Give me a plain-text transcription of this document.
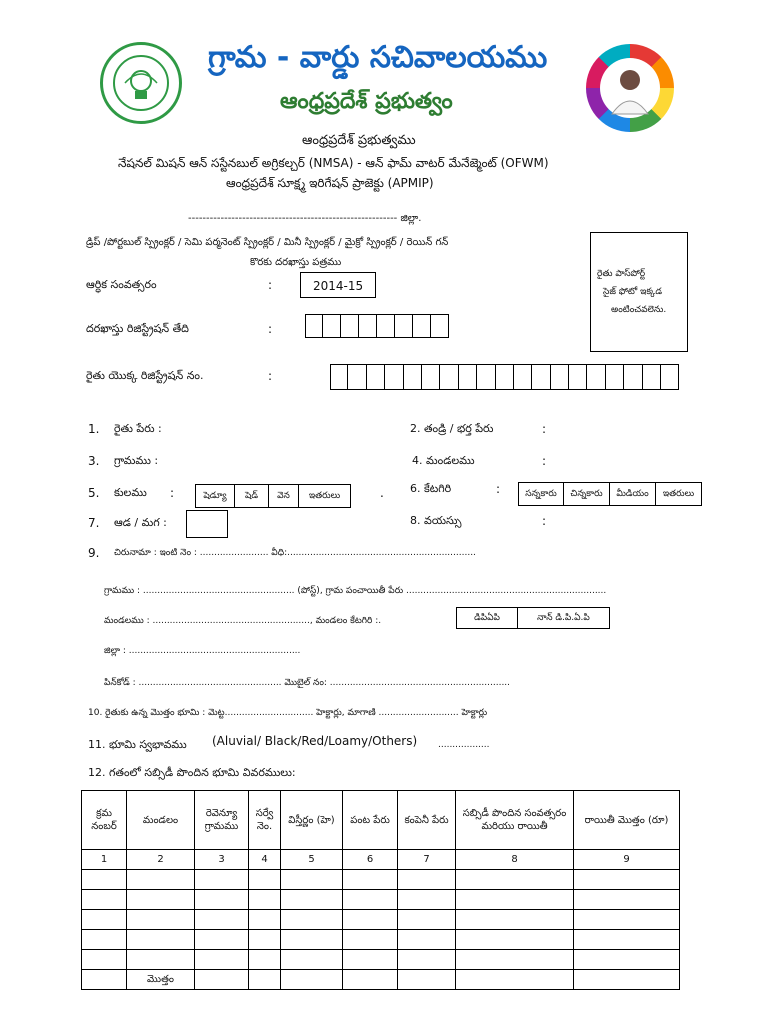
గ్రామ - వార్డు సచివాలయము
ఆంధ్రప్రదేశ్ ప్రభుత్వం
ఆంధ్రప్రదేశ్ ప్రభుత్వము
నేషనల్ మిషన్ ఆన్ సస్టేనబుల్ అగ్రికల్చర్ (NMSA) - ఆన్ ఫామ్ వాటర్ మేనేజ్మెంట్ (OFWM)
ఆంధ్రప్రదేశ్ సూక్ష్మ ఇరిగేషన్ ప్రాజెక్టు (APMIP)
---------------------------------------------------------- జిల్లా.
డ్రిప్ /పోర్టబుల్ స్ప్రింక్లర్ / సెమి పర్మనెంట్ స్ప్రింక్లర్ / మినీ స్ప్రింక్లర్ / మైక్రో స్ప్రింక్లర్ / రెయిన్ గన్
కొరకు దరఖాస్తు పత్రము
రైతు పాస్‌పోర్ట్
సైజ్ ఫోటో ఇక్కడ
అంటించవలెను.
ఆర్ధిక సంవత్సరం	:	2014-15
దరఖాస్తు రిజిస్ట్రేషన్ తేది	:
రైతు యొక్క రిజిస్ట్రేషన్ నం.	:
1. రైతు పేరు :	2. తండ్రి / భర్త పేరు	:
3. గ్రామము :	4. మండలము	:
5. కులము :	షెడ్యూ	షెడ్	వెన	ఇతరులు	. 6. కేటగిరి	:	సన్నకారు	చిన్నకారు	మీడియం	ఇతరులు
7. ఆడ / మగ :	8. వయస్సు	:
9. చిరునామా : ఇంటి నెం : ........................ వీధి:..................................................................
గ్రామము : ..................................................... (పోస్ట్), గ్రామ పంచాయితీ పేరు ......................................................................
మండలము : ......................................................., మండలం కేటగిరి :.	డిపిఏపి	నాన్ డి.పి.ఏ.పి
జిల్లా : ............................................................
పిన్‌కోడ్ : .................................................. మొబైల్ నం: ...............................................................
10. రైతుకు ఉన్న మొత్తం భూమి : మెట్ట............................... హెక్టార్లు, మాగాణి ............................ హెక్టార్లు
11. భూమి స్వభావము (Aluvial/ Black/Red/Loamy/Others) ..................
12. గతంలో సబ్సిడీ పొందిన భూమి వివరములు:
క్రమ నంబర్	మండలం	రెవెన్యూ గ్రామము	సర్వే నెం.	విస్తీర్ణం (హె)	పంట పేరు	కంపెనీ పేరు	సబ్సిడీ పొందిన సంవత్సరం మరియు రాయితీ	రాయితీ మొత్తం (రూ)
1	2	3	4	5	6	7	8	9

	మొత్తం							
